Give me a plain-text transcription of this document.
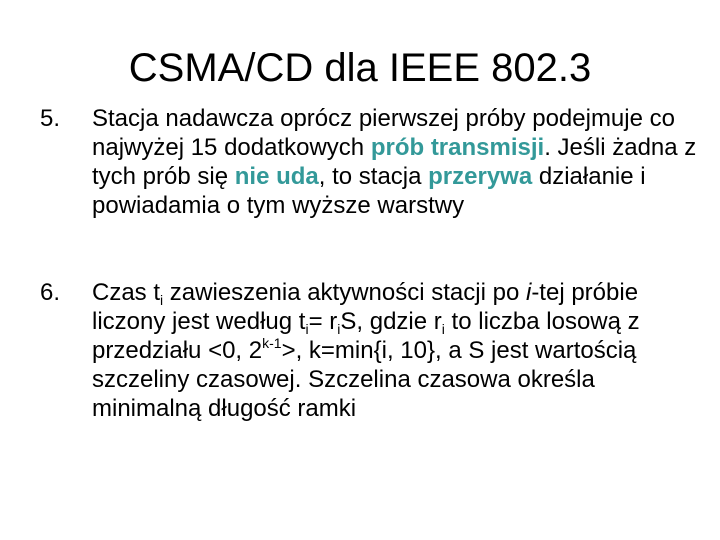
CSMA/CD dla IEEE 802.3
5.	Stacja nadawcza oprócz pierwszej próby podejmuje co najwyżej 15 dodatkowych prób transmisji. Jeśli żadna z tych prób się nie uda, to stacja przerywa działanie i powiadamia o tym wyższe warstwy
6.	Czas $t_i$ zawieszenia aktywności stacji po i-tej próbie liczony jest według $t_i= r_iS$, gdzie $r_i$ to liczba losową z przedziału <0, $2^{k-1}>$, k=min{i, 10}, a S jest wartością szczeliny czasowej. Szczelina czasowa określa minimalną długość ramki
